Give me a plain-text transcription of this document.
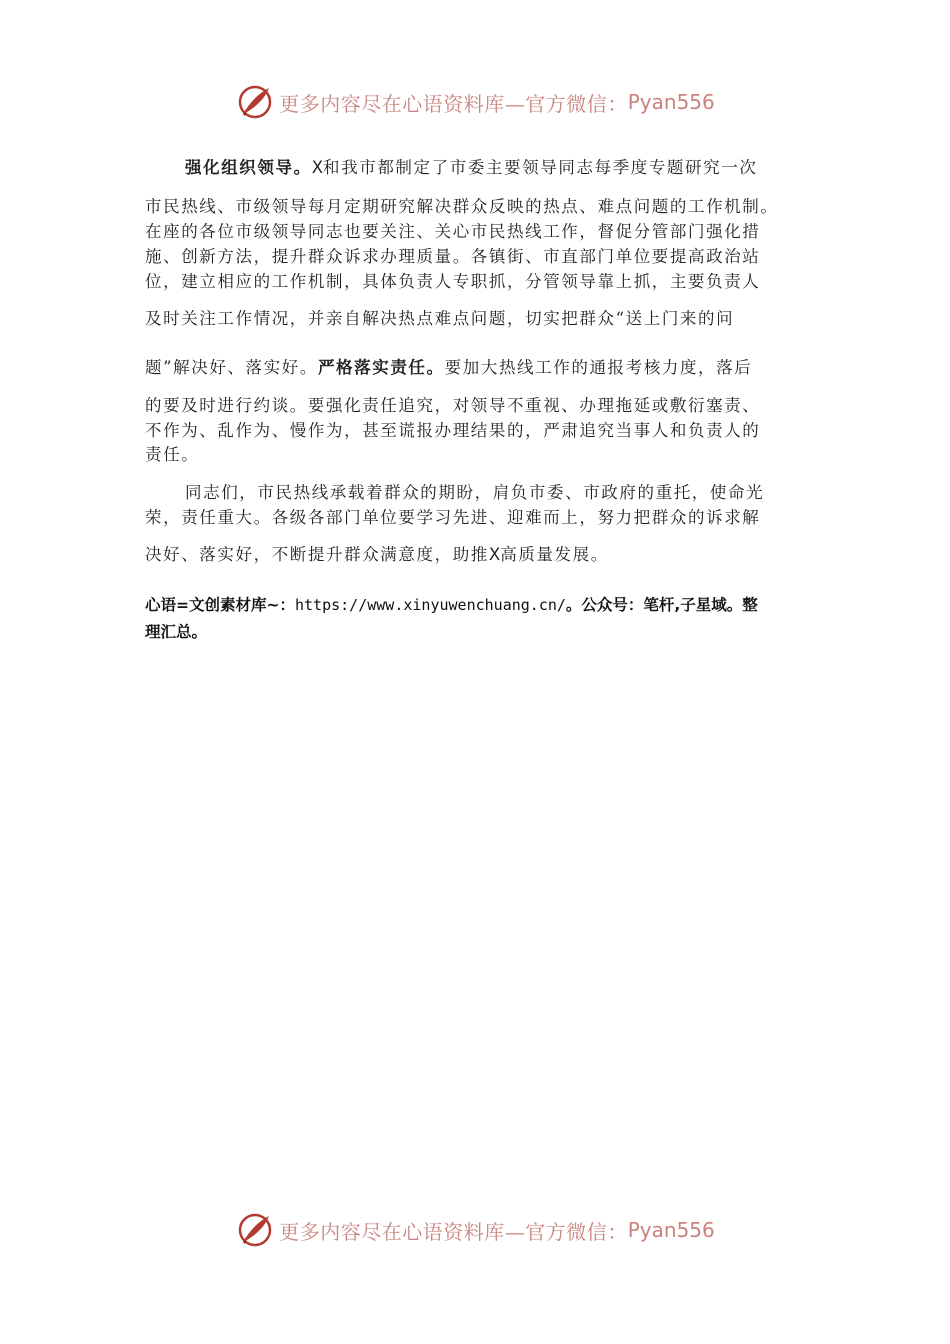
更多内容尽在心语资料库—官方微信： Pyan556
强化组织领导。X和我市都制定了市委主要领导同志每季度专题研究一次
市民热线、市级领导每月定期研究解决群众反映的热点、难点问题的工作机制。
在座的各位市级领导同志也要关注、关心市民热线工作，督促分管部门强化措
施、创新方法，提升群众诉求办理质量。各镇街、市直部门单位要提高政治站
位，建立相应的工作机制，具体负责人专职抓，分管领导靠上抓，主要负责人
及时关注工作情况，并亲自解决热点难点问题，切实把群众“送上门来的问
题”解决好、落实好。严格落实责任。要加大热线工作的通报考核力度，落后
的要及时进行约谈。要强化责任追究，对领导不重视、办理拖延或敷衍塞责、
不作为、乱作为、慢作为，甚至谎报办理结果的，严肃追究当事人和负责人的
责任。
同志们，市民热线承载着群众的期盼，肩负市委、市政府的重托，使命光
荣，责任重大。各级各部门单位要学习先进、迎难而上，努力把群众的诉求解
决好、落实好，不断提升群众满意度，助推X高质量发展。
心语=文创素材库~：https://www.xinyuwenchuang.cn/。公众号：笔杆,子星域。整
理汇总。
更多内容尽在心语资料库—官方微信： Pyan556
